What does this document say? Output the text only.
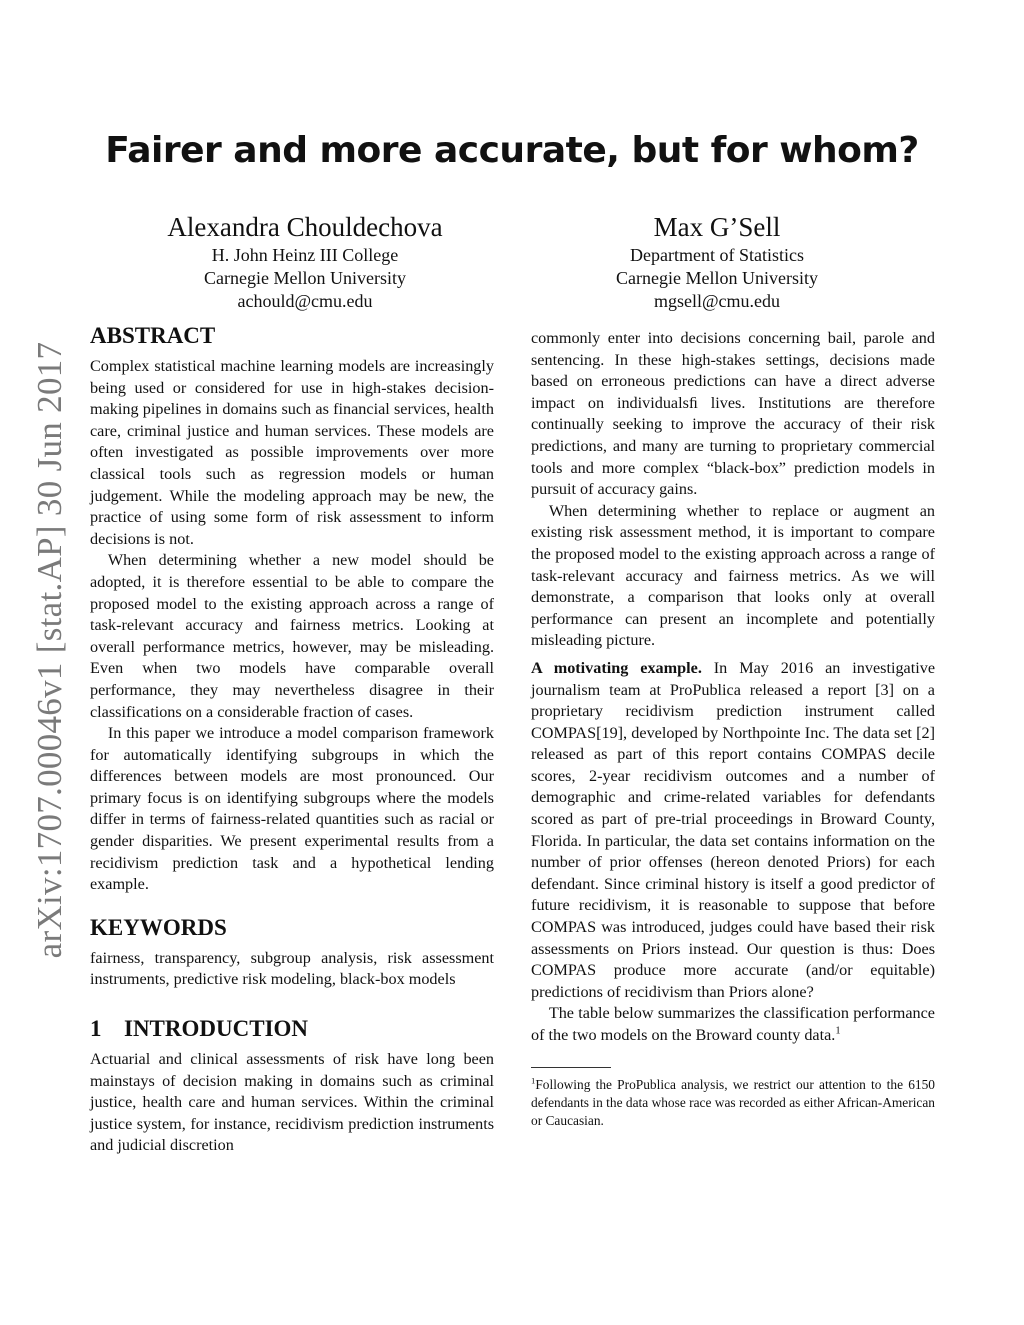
Fairer and more accurate, but for whom?
Alexandra Chouldechova
H. John Heinz III College
Carnegie Mellon University
achould@cmu.edu
Max G’Sell
Department of Statistics
Carnegie Mellon University
mgsell@cmu.edu
arXiv:1707.00046v1 [stat.AP] 30 Jun 2017
ABSTRACT

Complex statistical machine learning models are increasingly being used or considered for use in high-stakes decision-making pipelines in domains such as financial services, health care, criminal justice and human services. These models are often investigated as possible improvements over more classical tools such as regression models or human judgement. While the modeling approach may be new, the practice of using some form of risk assessment to inform decisions is not.

When determining whether a new model should be adopted, it is therefore essential to be able to compare the proposed model to the existing approach across a range of task-relevant accuracy and fairness metrics. Looking at overall performance metrics, however, may be misleading. Even when two models have comparable overall performance, they may nevertheless disagree in their classifications on a considerable fraction of cases.

In this paper we introduce a model comparison framework for automatically identifying subgroups in which the differences between models are most pronounced. Our primary focus is on identifying subgroups where the models differ in terms of fairness-related quantities such as racial or gender disparities. We present experimental results from a recidivism prediction task and a hypothetical lending example.

KEYWORDS

fairness, transparency, subgroup analysis, risk assessment instruments, predictive risk modeling, black-box models

1 INTRODUCTION

Actuarial and clinical assessments of risk have long been mainstays of decision making in domains such as criminal justice, health care and human services. Within the criminal justice system, for instance, recidivism prediction instruments and judicial discretion

commonly enter into decisions concerning bail, parole and sentencing. In these high-stakes settings, decisions made based on erroneous predictions can have a direct adverse impact on individualsﬁ lives. Institutions are therefore continually seeking to improve the accuracy of their risk predictions, and many are turning to proprietary commercial tools and more complex “black-box” prediction models in pursuit of accuracy gains.

When determining whether to replace or augment an existing risk assessment method, it is important to compare the proposed model to the existing approach across a range of task-relevant accuracy and fairness metrics. As we will demonstrate, a comparison that looks only at overall performance can present an incomplete and potentially misleading picture.

A motivating example. In May 2016 an investigative journalism team at ProPublica released a report [3] on a proprietary recidivism prediction instrument called COMPAS[19], developed by Northpointe Inc. The data set [2] released as part of this report contains COMPAS decile scores, 2-year recidivism outcomes and a number of demographic and crime-related variables for defendants scored as part of pre-trial proceedings in Broward County, Florida. In particular, the data set contains information on the number of prior offenses (hereon denoted Priors) for each defendant. Since criminal history is itself a good predictor of future recidivism, it is reasonable to suppose that before COMPAS was introduced, judges could have based their risk assessments on Priors instead. Our question is thus: Does COMPAS produce more accurate (and/or equitable) predictions of recidivism than Priors alone?

The table below summarizes the classification performance of the two models on the Broward county data.$^1$

$^1$Following the ProPublica analysis, we restrict our attention to the 6150 defendants in the data whose race was recorded as either African-American or Caucasian.
